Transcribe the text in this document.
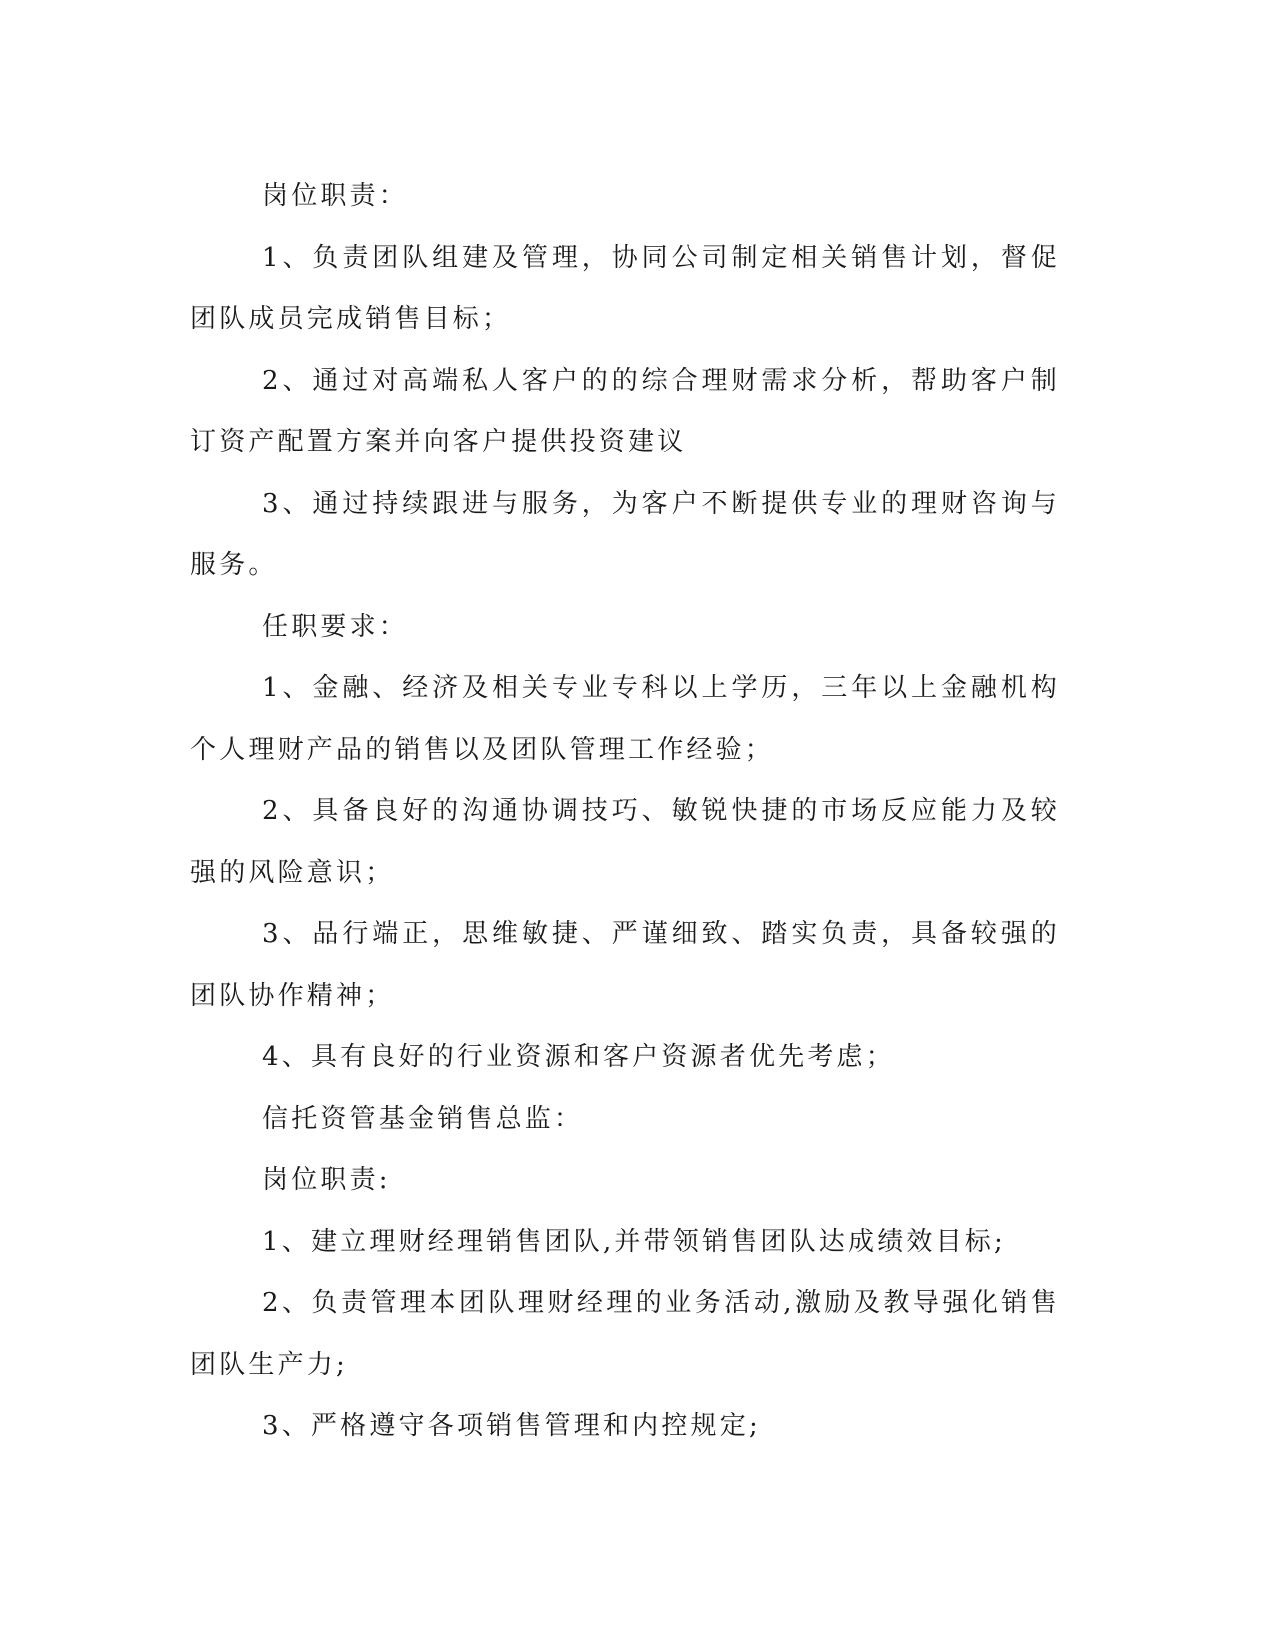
岗位职责：

1、负责团队组建及管理，协同公司制定相关销售计划，督促团队成员完成销售目标；

2、通过对高端私人客户的的综合理财需求分析，帮助客户制订资产配置方案并向客户提供投资建议

3、通过持续跟进与服务，为客户不断提供专业的理财咨询与服务。

任职要求：

1、金融、经济及相关专业专科以上学历，三年以上金融机构个人理财产品的销售以及团队管理工作经验；

2、具备良好的沟通协调技巧、敏锐快捷的市场反应能力及较强的风险意识；

3、品行端正，思维敏捷、严谨细致、踏实负责，具备较强的团队协作精神；

4、具有良好的行业资源和客户资源者优先考虑；

信托资管基金销售总监：

岗位职责:

1、建立理财经理销售团队,并带领销售团队达成绩效目标;

2、负责管理本团队理财经理的业务活动,激励及教导强化销售团队生产力;

3、严格遵守各项销售管理和内控规定;
